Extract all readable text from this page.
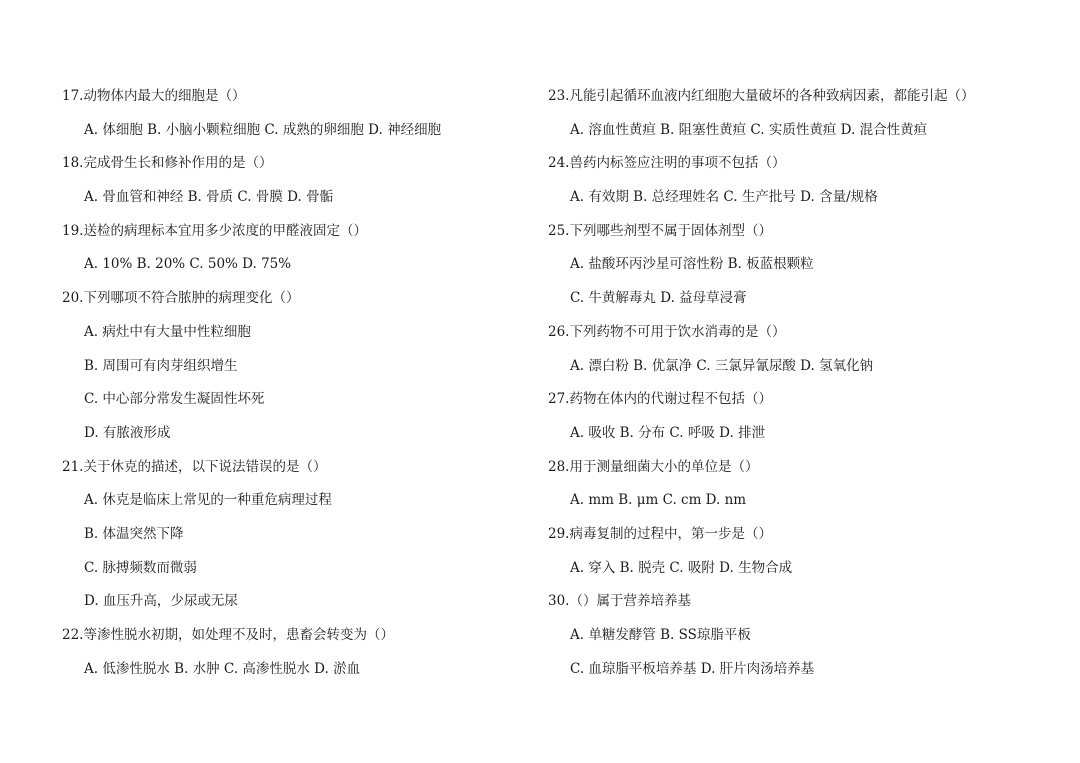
17.动物体内最大的细胞是（）
A. 体细胞 B. 小脑小颗粒细胞 C. 成熟的卵细胞 D. 神经细胞
18.完成骨生长和修补作用的是（）
A. 骨血管和神经 B. 骨质 C. 骨膜 D. 骨骺
19.送检的病理标本宜用多少浓度的甲醛液固定（）
A. 10% B. 20% C. 50% D. 75%
20.下列哪项不符合脓肿的病理变化（）
A. 病灶中有大量中性粒细胞
B. 周围可有肉芽组织增生
C. 中心部分常发生凝固性坏死
D. 有脓液形成
21.关于休克的描述，以下说法错误的是（）
A. 休克是临床上常见的一种重危病理过程
B. 体温突然下降
C. 脉搏频数而微弱
D. 血压升高，少尿或无尿
22.等渗性脱水初期，如处理不及时，患畜会转变为（）
A. 低渗性脱水 B. 水肿 C. 高渗性脱水 D. 淤血
23.凡能引起循环血液内红细胞大量破坏的各种致病因素，都能引起（）
A. 溶血性黄疸 B. 阻塞性黄疸 C. 实质性黄疸 D. 混合性黄疸
24.兽药内标签应注明的事项不包括（）
A. 有效期 B. 总经理姓名 C. 生产批号 D. 含量/规格
25.下列哪些剂型不属于固体剂型（）
A. 盐酸环丙沙星可溶性粉 B. 板蓝根颗粒
C. 牛黄解毒丸 D. 益母草浸膏
26.下列药物不可用于饮水消毒的是（）
A. 漂白粉 B. 优氯净 C. 三氯异氰尿酸 D. 氢氧化钠
27.药物在体内的代谢过程不包括（）
A. 吸收 B. 分布 C. 呼吸 D. 排泄
28.用于测量细菌大小的单位是（）
A. mm B. μm C. cm D. nm
29.病毒复制的过程中，第一步是（）
A. 穿入 B. 脱壳 C. 吸附 D. 生物合成
30.（）属于营养培养基
A. 单糖发酵管 B. SS琼脂平板
C. 血琼脂平板培养基 D. 肝片肉汤培养基
